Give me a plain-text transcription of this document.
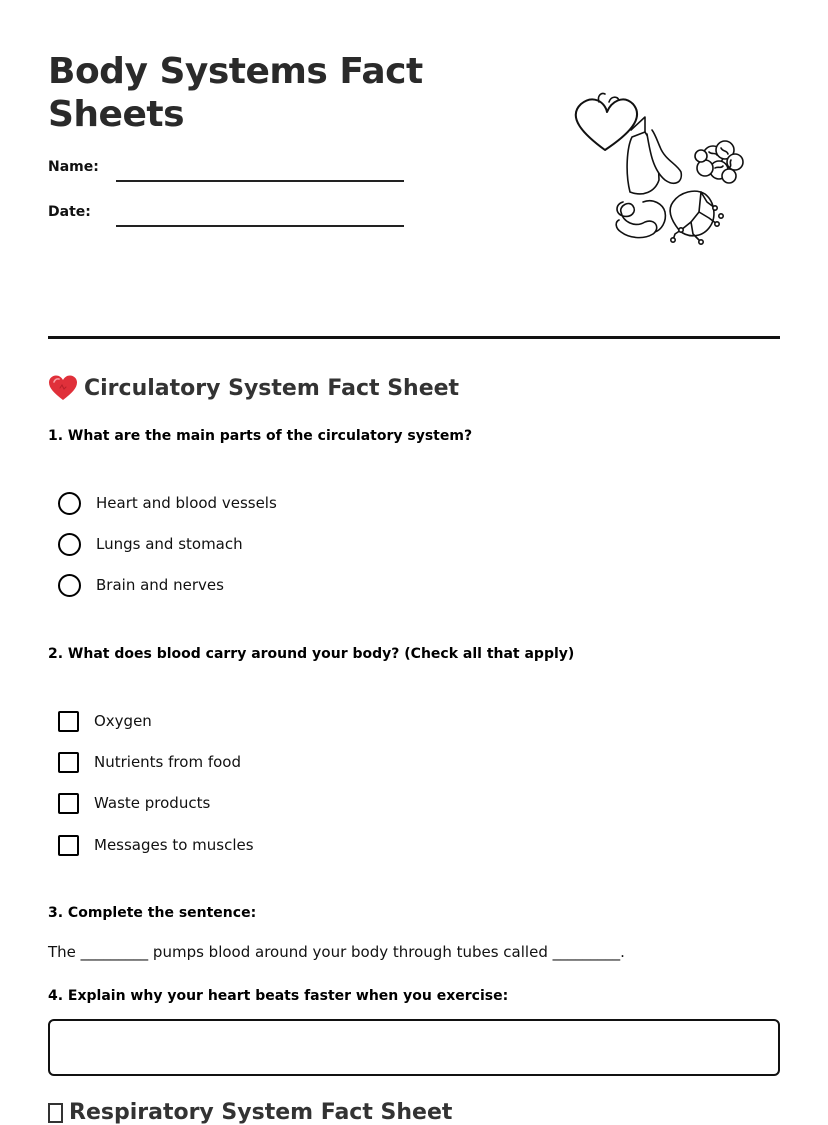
Body Systems Fact Sheets
Name:
Date:
Circulatory System Fact Sheet
1. What are the main parts of the circulatory system?
Heart and blood vessels
Lungs and stomach
Brain and nerves
2. What does blood carry around your body? (Check all that apply)
Oxygen
Nutrients from food
Waste products
Messages to muscles
3. Complete the sentence:
The _________ pumps blood around your body through tubes called _________.
4. Explain why your heart beats faster when you exercise:
Respiratory System Fact Sheet
